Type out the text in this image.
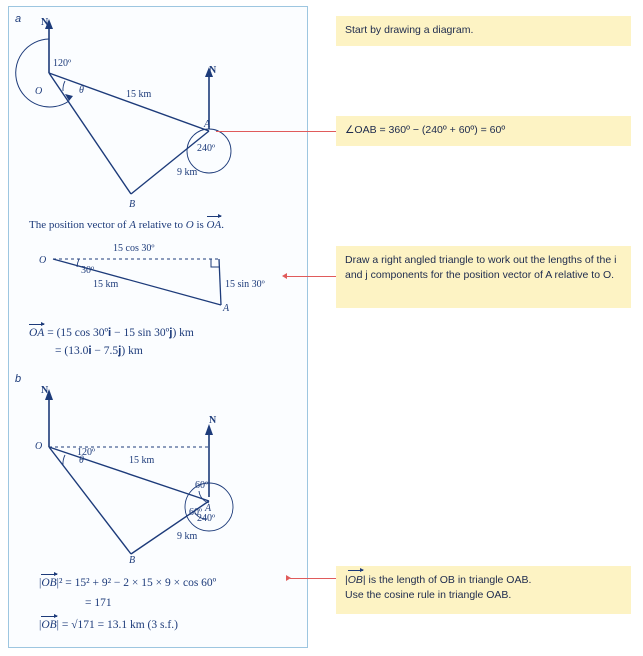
a N
N
O
A
B
120º
240º
θ	15 km
9 km
The position vector of A relative to O is OA.
O
A
30º
15 cos 30º
15 km	15 sin 30º
OA = (15 cos 30º𝐢 − 15 sin 30º𝐣) km
= (13.0𝐢 − 7.5𝐣) km
b
N
N
O
A
B
120º
240º
60º
60º
θ	15 km
9 km
|OB|² = 15² + 9² − 2 × 15 × 9 × cos 60º
= 171
|OB| = √171 = 13.1 km (3 s.f.)
Start by drawing a diagram.
∠OAB = 360º − (240º + 60º) = 60º
Draw a right angled triangle to work out the lengths of the i and j components for the position vector of A relative to O.
|OB| is the length of OB in triangle OAB.
Use the cosine rule in triangle OAB.
